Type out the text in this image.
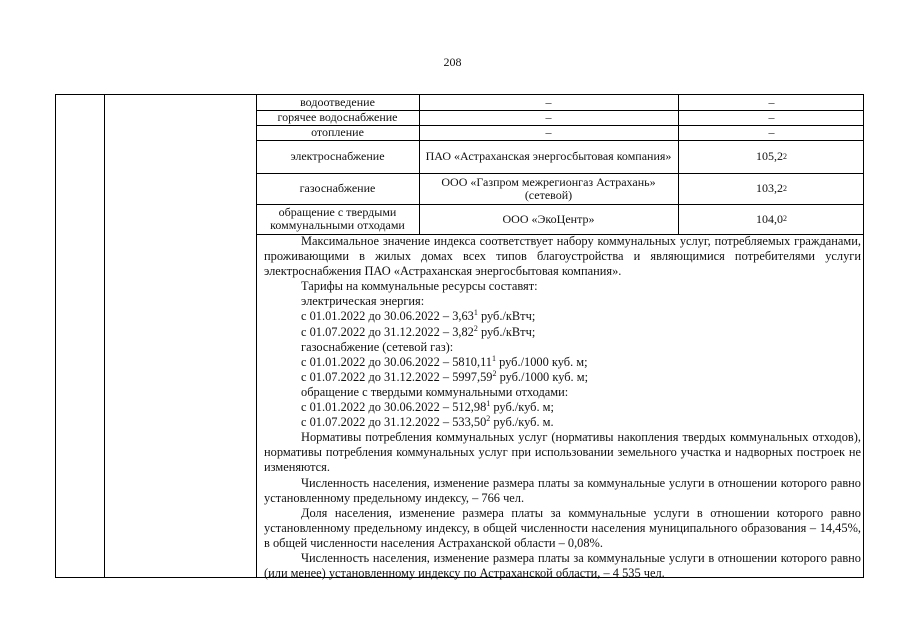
208
водоотведение	–	–
горячее водоснабжение	–	–
отопление	–	–
электроснабжение	ПАО «Астраханская энергосбытовая компания»	105,2 2
газоснабжение	ООО «Газпром межрегионгаз Астрахань» (сетевой)	103,2 2
обращение с твердыми коммунальными отходами	ООО «ЭкоЦентр»	104,0 2

Максимальное значение индекса соответствует набору коммунальных услуг, потребляемых гражданами, проживающими в жилых домах всех типов благоустройства и являющимися потребителями услуги электроснабжения ПАО «Астраханская энергосбытовая компания».

Тарифы на коммунальные ресурсы составят:

электрическая энергия:

с 01.01.2022 до 30.06.2022 – 3,63$^1$ руб./кВтч;

с 01.07.2022 до 31.12.2022 – 3,82$^2$ руб./кВтч;

газоснабжение (сетевой газ):

с 01.01.2022 до 30.06.2022 – 5810,11$^1$ руб./1000 куб. м;

с 01.07.2022 до 31.12.2022 – 5997,59$^2$ руб./1000 куб. м;

обращение с твердыми коммунальными отходами:

с 01.01.2022 до 30.06.2022 – 512,98$^1$ руб./куб. м;

с 01.07.2022 до 31.12.2022 – 533,50$^2$ руб./куб. м.

Нормативы потребления коммунальных услуг (нормативы накопления твердых коммунальных отходов), нормативы потребления коммунальных услуг при использовании земельного участка и надворных построек не изменяются.

Численность населения, изменение размера платы за коммунальные услуги в отношении которого равно установленному предельному индексу, – 766 чел.

Доля населения, изменение размера платы за коммунальные услуги в отношении которого равно установленному предельному индексу, в общей численности населения муниципального образования – 14,45%, в общей численности населения Астраханской области – 0,08%.

Численность населения, изменение размера платы за коммунальные услуги в отношении которого равно (или менее) установленному индексу по Астраханской области, – 4 535 чел.
